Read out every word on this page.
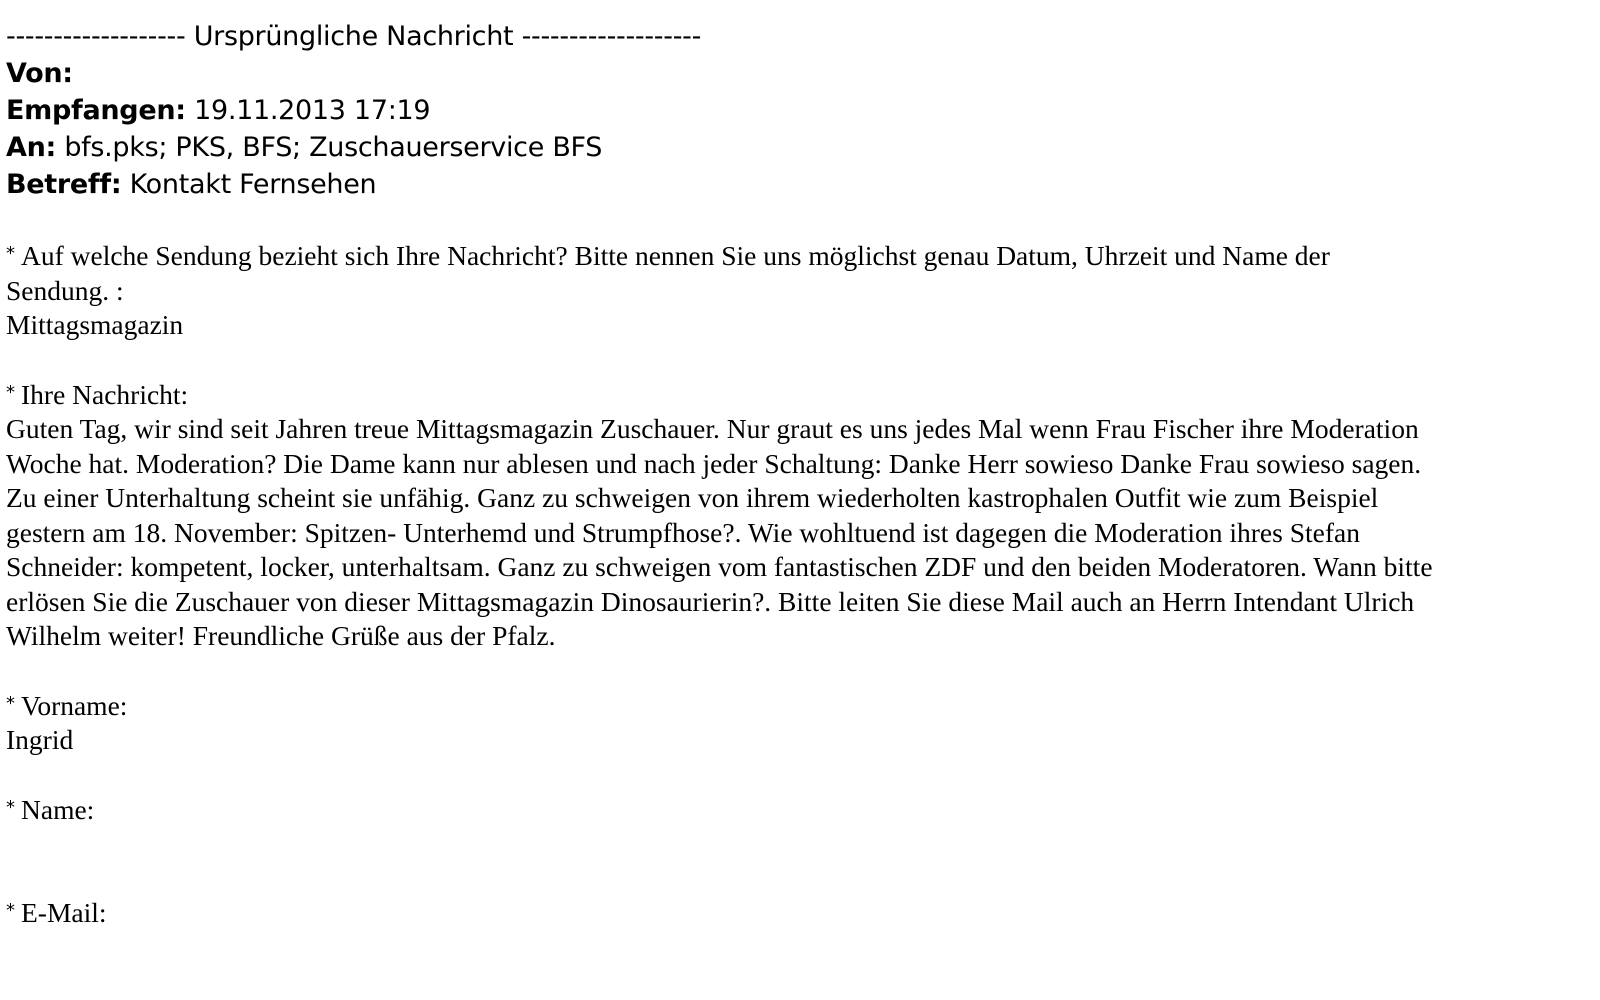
------------------- Ursprüngliche Nachricht -------------------
Von:
Empfangen: 19.11.2013 17:19
An: bfs.pks; PKS, BFS; Zuschauerservice BFS
Betreff: Kontakt Fernsehen
* Auf welche Sendung bezieht sich Ihre Nachricht? Bitte nennen Sie uns möglichst genau Datum, Uhrzeit und Name der
Sendung. :
Mittagsmagazin
* Ihre Nachricht:
Guten Tag, wir sind seit Jahren treue Mittagsmagazin Zuschauer. Nur graut es uns jedes Mal wenn Frau Fischer ihre Moderation
Woche hat. Moderation? Die Dame kann nur ablesen und nach jeder Schaltung: Danke Herr sowieso Danke Frau sowieso sagen.
Zu einer Unterhaltung scheint sie unfähig. Ganz zu schweigen von ihrem wiederholten kastrophalen Outfit wie zum Beispiel
gestern am 18. November: Spitzen- Unterhemd und Strumpfhose?. Wie wohltuend ist dagegen die Moderation ihres Stefan
Schneider: kompetent, locker, unterhaltsam. Ganz zu schweigen vom fantastischen ZDF und den beiden Moderatoren. Wann bitte
erlösen Sie die Zuschauer von dieser Mittagsmagazin Dinosaurierin?. Bitte leiten Sie diese Mail auch an Herrn Intendant Ulrich
Wilhelm weiter! Freundliche Grüße aus der Pfalz.
* Vorname:
Ingrid
* Name:
* E-Mail:
